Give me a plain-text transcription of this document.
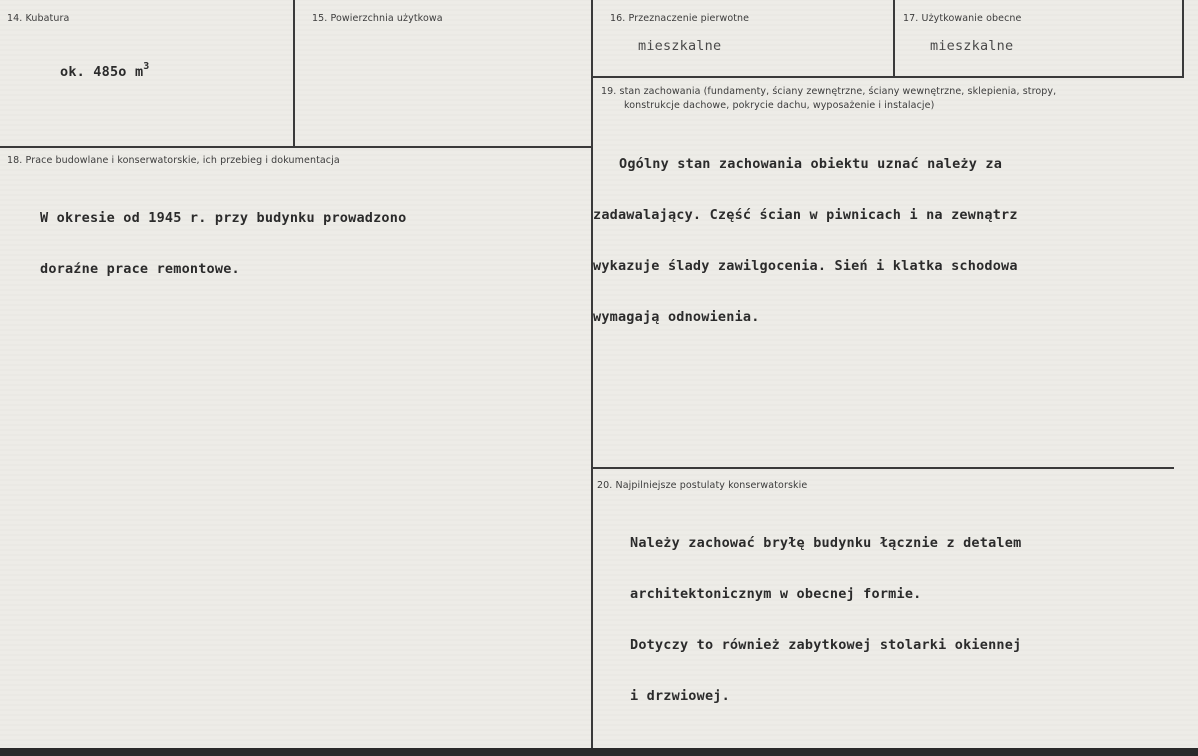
14. Kubatura
ok. 485o $m^3$
15. Powierzchnia użytkowa	16. Przeznaczenie pierwotne
mieszkalne
17. Użytkowanie obecne
mieszkalne
18. Prace budowlane i konserwatorskie, ich przebieg i dokumentacja

W okresie od 1945 r. przy budynku prowadzono

doraźne prace remontowe.

19. stan zachowania (fundamenty, ściany zewnętrzne, ściany wewnętrzne, sklepienia, stropy,
konstrukcje dachowe, pokrycie dachu, wyposażenie i instalacje)

Ogólny stan zachowania obiektu uznać należy za

zadawalający. Część ścian w piwnicach i na zewnątrz

wykazuje ślady zawilgocenia. Sień i klatka schodowa

wymagają odnowienia.

20. Najpilniejsze postulaty konserwatorskie

Należy zachować bryłę budynku łącznie z detalem

architektonicznym w obecnej formie.

Dotyczy to również zabytkowej stolarki okiennej

i drzwiowej.
